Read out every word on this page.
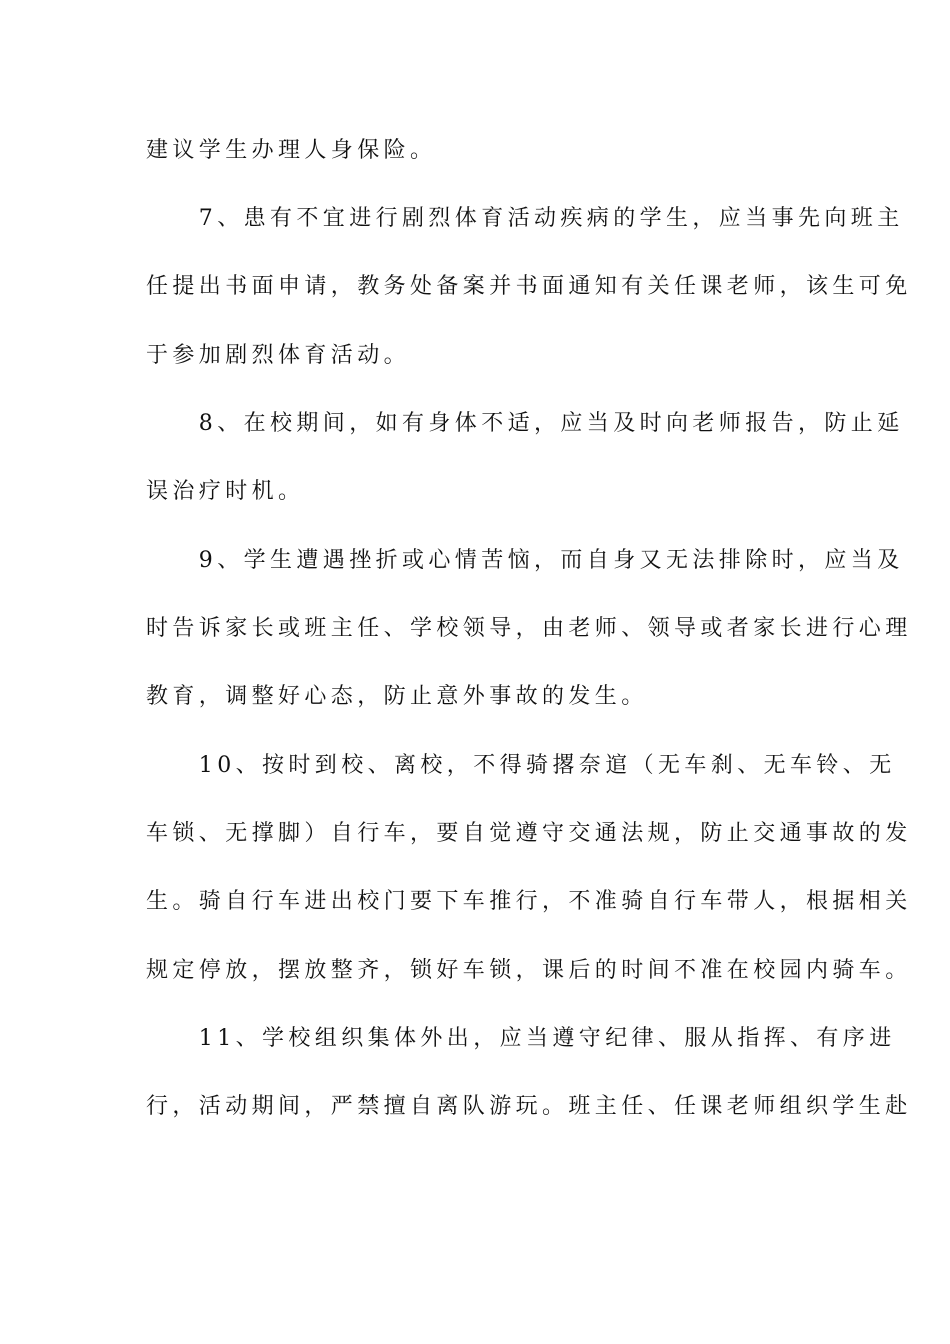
建议学生办理人身保险。
　　7、患有不宜进行剧烈体育活动疾病的学生，应当事先向班主
任提出书面申请，教务处备案并书面通知有关任课老师，该生可免
于参加剧烈体育活动。
　　8、在校期间，如有身体不适，应当及时向老师报告，防止延
误治疗时机。
　　9、学生遭遇挫折或心情苦恼，而自身又无法排除时，应当及
时告诉家长或班主任、学校领导，由老师、领导或者家长进行心理
教育，调整好心态，防止意外事故的发生。
　　10、按时到校、离校，不得骑撂奈逭（无车刹、无车铃、无
车锁、无撑脚）自行车，要自觉遵守交通法规，防止交通事故的发
生。骑自行车进出校门要下车推行，不准骑自行车带人，根据相关
规定停放，摆放整齐，锁好车锁，课后的时间不准在校园内骑车。
　　11、学校组织集体外出，应当遵守纪律、服从指挥、有序进
行，活动期间，严禁擅自离队游玩。班主任、任课老师组织学生赴
